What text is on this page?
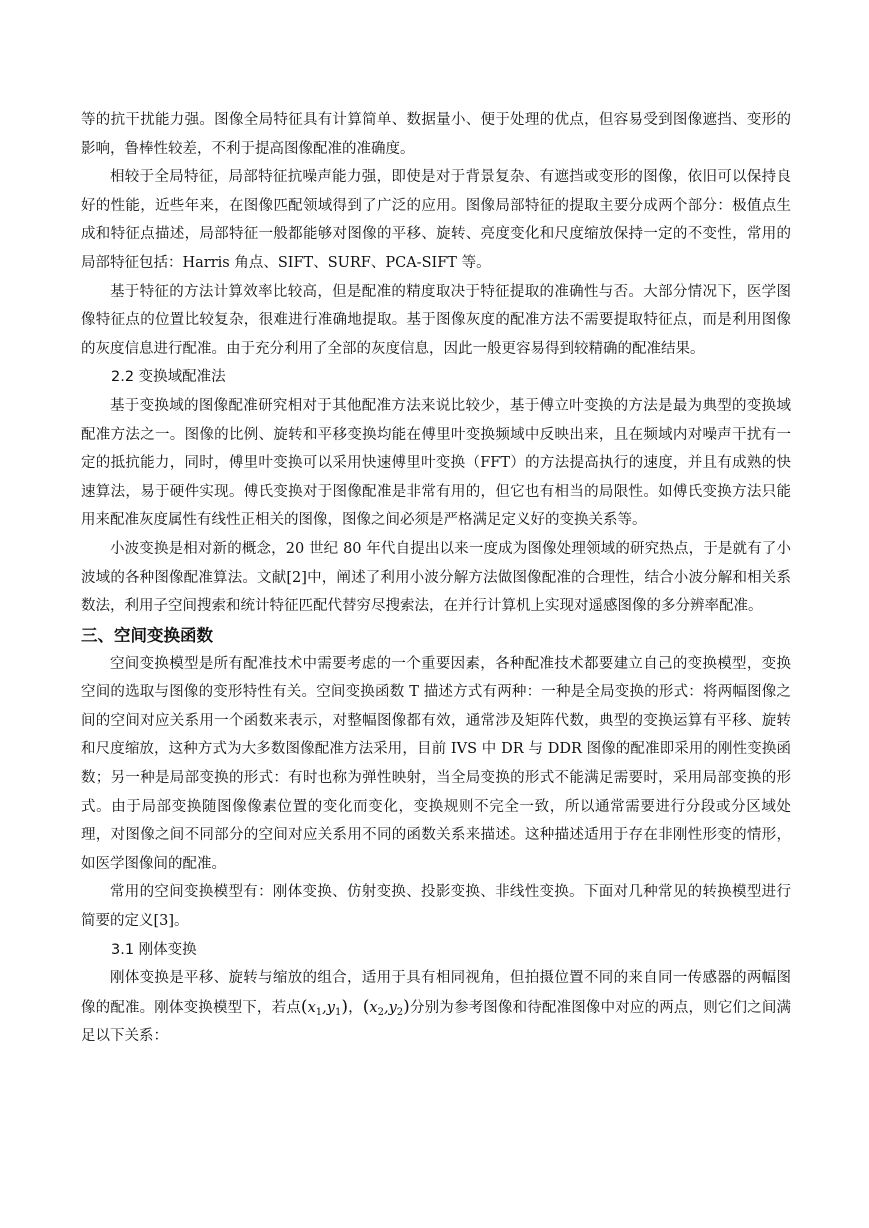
等的抗干扰能力强。图像全局特征具有计算简单、数据量小、便于处理的优点，但容易受到图像遮挡、变形的影响，鲁棒性较差，不利于提高图像配准的准确度。

相较于全局特征，局部特征抗噪声能力强，即使是对于背景复杂、有遮挡或变形的图像，依旧可以保持良好的性能，近些年来，在图像匹配领域得到了广泛的应用。图像局部特征的提取主要分成两个部分：极值点生成和特征点描述，局部特征一般都能够对图像的平移、旋转、亮度变化和尺度缩放保持一定的不变性，常用的局部特征包括：Harris 角点、SIFT、SURF、PCA-SIFT 等。

基于特征的方法计算效率比较高，但是配准的精度取决于特征提取的准确性与否。大部分情况下，医学图像特征点的位置比较复杂，很难进行准确地提取。基于图像灰度的配准方法不需要提取特征点，而是利用图像的灰度信息进行配准。由于充分利用了全部的灰度信息，因此一般更容易得到较精确的配准结果。

2.2 变换域配准法

基于变换域的图像配准研究相对于其他配准方法来说比较少，基于傅立叶变换的方法是最为典型的变换域配准方法之一。图像的比例、旋转和平移变换均能在傅里叶变换频域中反映出来，且在频域内对噪声干扰有一定的抵抗能力，同时，傅里叶变换可以采用快速傅里叶变换（FFT）的方法提高执行的速度，并且有成熟的快速算法，易于硬件实现。傅氏变换对于图像配准是非常有用的，但它也有相当的局限性。如傅氏变换方法只能用来配准灰度属性有线性正相关的图像，图像之间必须是严格满足定义好的变换关系等。

小波变换是相对新的概念，20 世纪 80 年代自提出以来一度成为图像处理领域的研究热点，于是就有了小波域的各种图像配准算法。文献[2]中，阐述了利用小波分解方法做图像配准的合理性，结合小波分解和相关系数法，利用子空间搜索和统计特征匹配代替穷尽搜索法，在并行计算机上实现对遥感图像的多分辨率配准。

三、空间变换函数

空间变换模型是所有配准技术中需要考虑的一个重要因素，各种配准技术都要建立自己的变换模型，变换空间的选取与图像的变形特性有关。空间变换函数 T 描述方式有两种：一种是全局变换的形式：将两幅图像之间的空间对应关系用一个函数来表示，对整幅图像都有效，通常涉及矩阵代数，典型的变换运算有平移、旋转和尺度缩放，这种方式为大多数图像配准方法采用，目前 IVS 中 DR 与 DDR 图像的配准即采用的刚性变换函数；另一种是局部变换的形式：有时也称为弹性映射，当全局变换的形式不能满足需要时，采用局部变换的形式。由于局部变换随图像像素位置的变化而变化，变换规则不完全一致，所以通常需要进行分段或分区域处理，对图像之间不同部分的空间对应关系用不同的函数关系来描述。这种描述适用于存在非刚性形变的情形，如医学图像间的配准。

常用的空间变换模型有：刚体变换、仿射变换、投影变换、非线性变换。下面对几种常见的转换模型进行简要的定义[3]。

3.1 刚体变换

刚体变换是平移、旋转与缩放的组合，适用于具有相同视角，但拍摄位置不同的来自同一传感器的两幅图像的配准。刚体变换模型下，若点$(x_1,y_1)$，$(x_2,y_2)$分别为参考图像和待配准图像中对应的两点，则它们之间满足以下关系：
